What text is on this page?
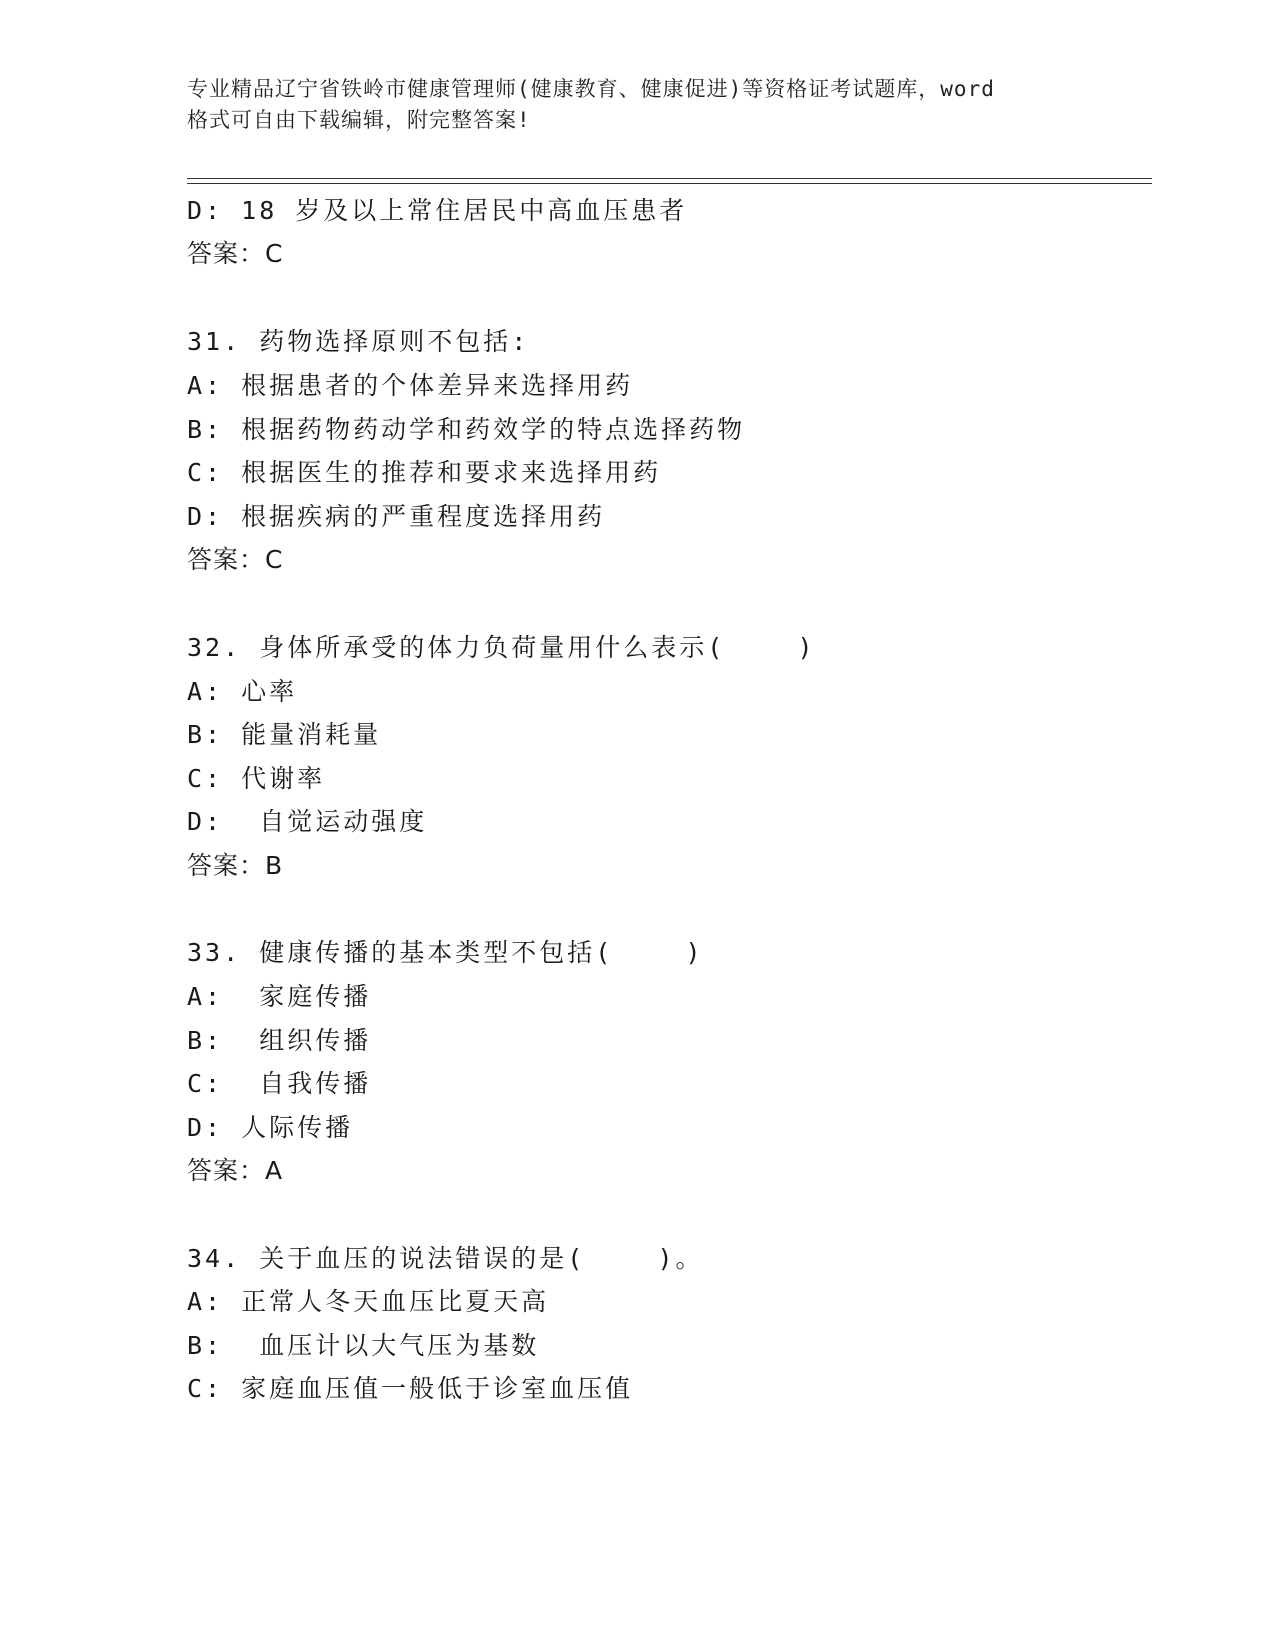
专业精品辽宁省铁岭市健康管理师(健康教育、健康促进)等资格证考试题库，word
格式可自由下载编辑，附完整答案!
D: 18 岁及以上常住居民中高血压患者
答案：C
31. 药物选择原则不包括:
A: 根据患者的个体差异来选择用药
B: 根据药物药动学和药效学的特点选择药物
C: 根据医生的推荐和要求来选择用药
D: 根据疾病的严重程度选择用药
答案：C
32. 身体所承受的体力负荷量用什么表示(    )
A: 心率
B: 能量消耗量
C: 代谢率
D:  自觉运动强度
答案：B
33. 健康传播的基本类型不包括(    )
A:  家庭传播
B:  组织传播
C:  自我传播
D: 人际传播
答案：A
34. 关于血压的说法错误的是(    )。
A: 正常人冬天血压比夏天高
B:  血压计以大气压为基数
C: 家庭血压值一般低于诊室血压值
